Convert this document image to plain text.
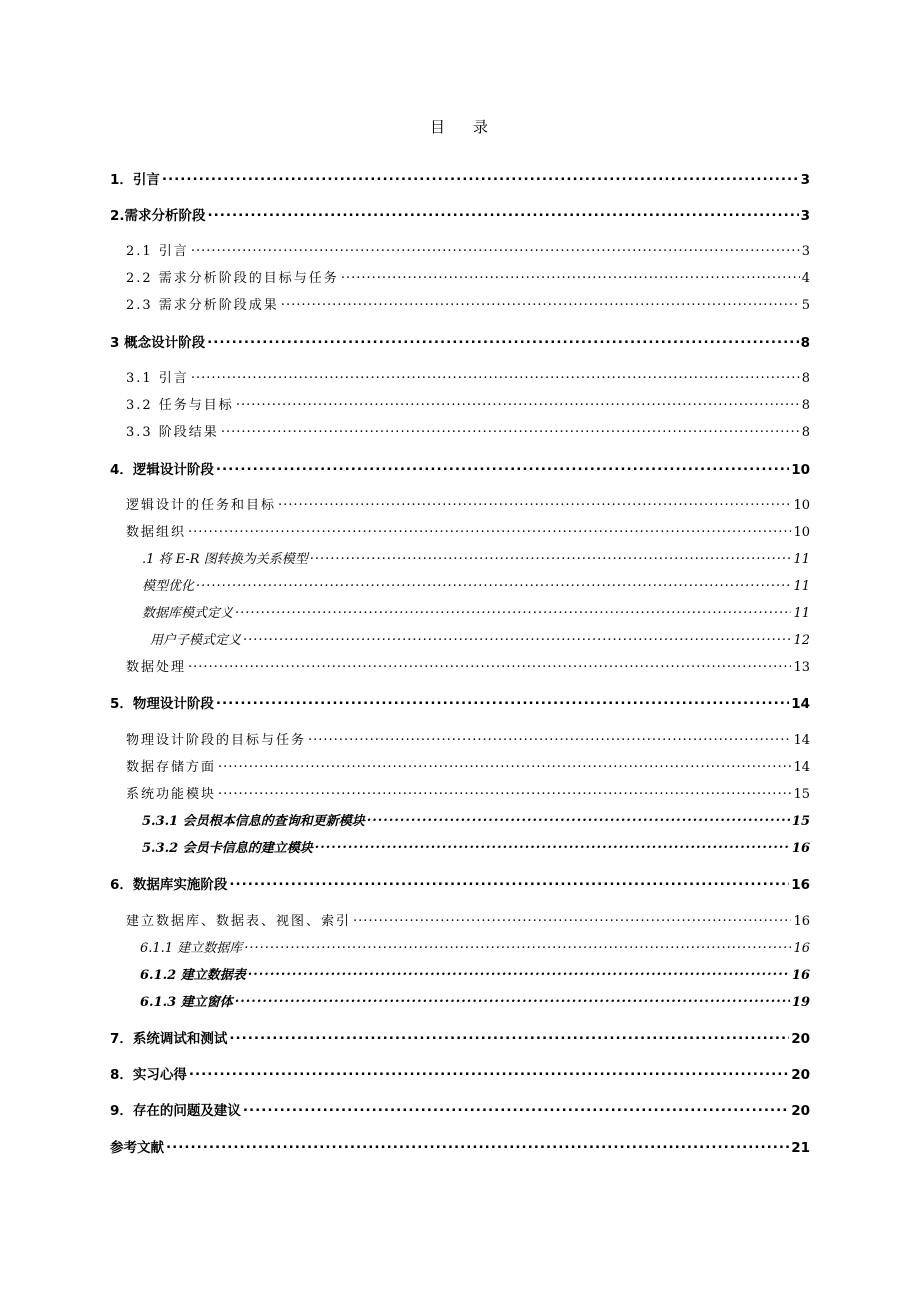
目 录
1．引言 .....	3
2.需求分析阶段 .....	3
2.1 引言 .....	3
2.2 需求分析阶段的目标与任务 .....	4
2.3 需求分析阶段成果 .....	5
3 概念设计阶段 .....	8
3.1 引言 .....	8
3.2 任务与目标 .....	8
3.3 阶段结果 .....	8
4．逻辑设计阶段 .....	10
逻辑设计的任务和目标 .....	10
数据组织 .....	10
.1 将 E-R 图转换为关系模型 .....	11
模型优化 .....	11
数据库模式定义 .....	11
用户子模式定义 .....	12
数据处理 .....	13
5．物理设计阶段 .....	14
物理设计阶段的目标与任务 .....	14
数据存储方面 .....	14
系统功能模块 .....	15
5.3.1 会员根本信息的查询和更新模块 .....	15
5.3.2 会员卡信息的建立模块 .....	16
6．数据库实施阶段 .....	16
建立数据库、数据表、视图、索引 .....	16
6.1.1 建立数据库 .....	16
6.1.2 建立数据表 .....	16
6.1.3 建立窗体 .....	19
7．系统调试和测试 .....	20
8．实习心得 .....	20
9．存在的问题及建议 .....	20
参考文献 .....	21
